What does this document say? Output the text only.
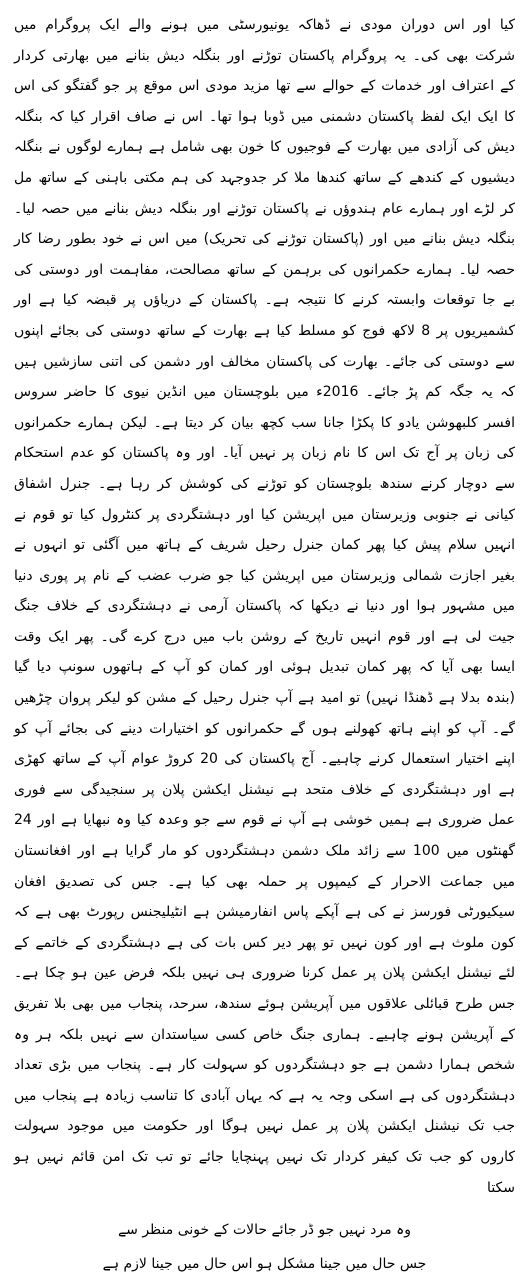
کیا اور اس دوران مودی نے ڈھاکہ یونیورسٹی میں ہونے والے ایک پروگرام میں شرکت بھی کی۔ یہ پروگرام پاکستان توڑنے اور بنگلہ دیش بنانے میں بھارتی کردار کے اعتراف اور خدمات کے حوالے سے تھا مزید مودی اس موقع پر جو گفتگو کی اس کا ایک ایک لفظ پاکستان دشمنی میں ڈوبا ہوا تھا۔ اس نے صاف اقرار کیا کہ بنگلہ دیش کی آزادی میں بھارت کے فوجیوں کا خون بھی شامل ہے ہمارے لوگوں نے بنگلہ دیشیوں کے کندھے کے ساتھ کندھا ملا کر جدوجہد کی ہم مکتی باہنی کے ساتھ مل کر لڑے اور ہمارے عام ہندوؤں نے پاکستان توڑنے اور بنگلہ دیش بنانے میں حصہ لیا۔ بنگلہ دیش بنانے میں اور (پاکستان توڑنے کی تحریک) میں اس نے خود بطور رضا کار حصہ لیا۔ ہمارے حکمرانوں کی برہمن کے ساتھ مصالحت، مفاہمت اور دوستی کی بے جا توقعات وابستہ کرنے کا نتیجہ ہے۔ پاکستان کے دریاؤں پر قبضہ کیا ہے اور کشمیریوں پر 8 لاکھ فوج کو مسلط کیا ہے بھارت کے ساتھ دوستی کی بجائے اپنوں سے دوستی کی جائے۔ بھارت کی پاکستان مخالف اور دشمن کی اتنی سازشیں ہیں کہ یہ جگہ کم پڑ جائے۔ 2016ء میں بلوچستان میں انڈین نیوی کا حاضر سروس افسر کلبھوشن یادو کا پکڑا جانا سب کچھ بیان کر دیتا ہے۔ لیکن ہمارے حکمرانوں کی زبان پر آج تک اس کا نام زبان پر نہیں آیا۔ اور وہ پاکستان کو عدم استحکام سے دوچار کرنے سندھ بلوچستان کو توڑنے کی کوشش کر رہا ہے۔ جنرل اشفاق کیانی نے جنوبی وزیرستان میں اپریشن کیا اور دہشتگردی پر کنٹرول کیا تو قوم نے انہیں سلام پیش کیا پھر کمان جنرل رحیل شریف کے ہاتھ میں آگئی تو انہوں نے بغیر اجازت شمالی وزیرستان میں اپریشن کیا جو ضرب عضب کے نام پر پوری دنیا میں مشہور ہوا اور دنیا نے دیکھا کہ پاکستان آرمی نے دہشتگردی کے خلاف جنگ جیت لی ہے اور قوم انہیں تاریخ کے روشن باب میں درج کرے گی۔ پھر ایک وقت ایسا بھی آیا کہ پھر کمان تبدیل ہوئی اور کمان کو آپ کے ہاتھوں سونپ دیا گیا (بندہ بدلا ہے ڈھنڈا نہیں) تو امید ہے آپ جنرل رحیل کے مشن کو لیکر پروان چڑھیں گے۔ آپ کو اپنے ہاتھ کھولنے ہوں گے حکمرانوں کو اختیارات دینے کی بجائے آپ کو اپنے اختیار استعمال کرنے چاہیے۔ آج پاکستان کی 20 کروڑ عوام آپ کے ساتھ کھڑی ہے اور دہشتگردی کے خلاف متحد ہے نیشنل ایکشن پلان پر سنجیدگی سے فوری عمل ضروری ہے ہمیں خوشی ہے آپ نے قوم سے جو وعدہ کیا وہ نبھایا ہے اور 24 گھنٹوں میں 100 سے زائد ملک دشمن دہشتگردوں کو مار گرایا ہے اور افغانستان میں جماعت الاحرار کے کیمپوں پر حملہ بھی کیا ہے۔ جس کی تصدیق افغان سیکیورٹی فورسز نے کی ہے آپکے پاس انفارمیشن ہے انٹیلیجنس رپورٹ بھی ہے کہ کون ملوث ہے اور کون نہیں تو پھر دیر کس بات کی ہے دہشتگردی کے خاتمے کے لئے نیشنل ایکشن پلان پر عمل کرنا ضروری ہی نہیں بلکہ فرض عین ہو چکا ہے۔ جس طرح قبائلی علاقوں میں آپریشن ہوئے سندھ، سرحد، پنجاب میں بھی بلا تفریق کے آپریشن ہونے چاہیے۔ ہماری جنگ خاص کسی سیاستدان سے نہیں بلکہ ہر وہ شخص ہمارا دشمن ہے جو دہشتگردوں کو سہولت کار ہے۔ پنجاب میں بڑی تعداد دہشتگردوں کی ہے اسکی وجہ یہ ہے کہ یہاں آبادی کا تناسب زیادہ ہے پنجاب میں جب تک نیشنل ایکشن پلان پر عمل نہیں ہوگا اور حکومت میں موجود سہولت کاروں کو جب تک کیفر کردار تک نہیں پہنچایا جائے تو تب تک امن قائم نہیں ہو سکتا

وہ مرد نہیں جو ڈر جائے حالات کے خونی منظر سے
جس حال میں جینا مشکل ہو اس حال میں جینا لازم ہے
